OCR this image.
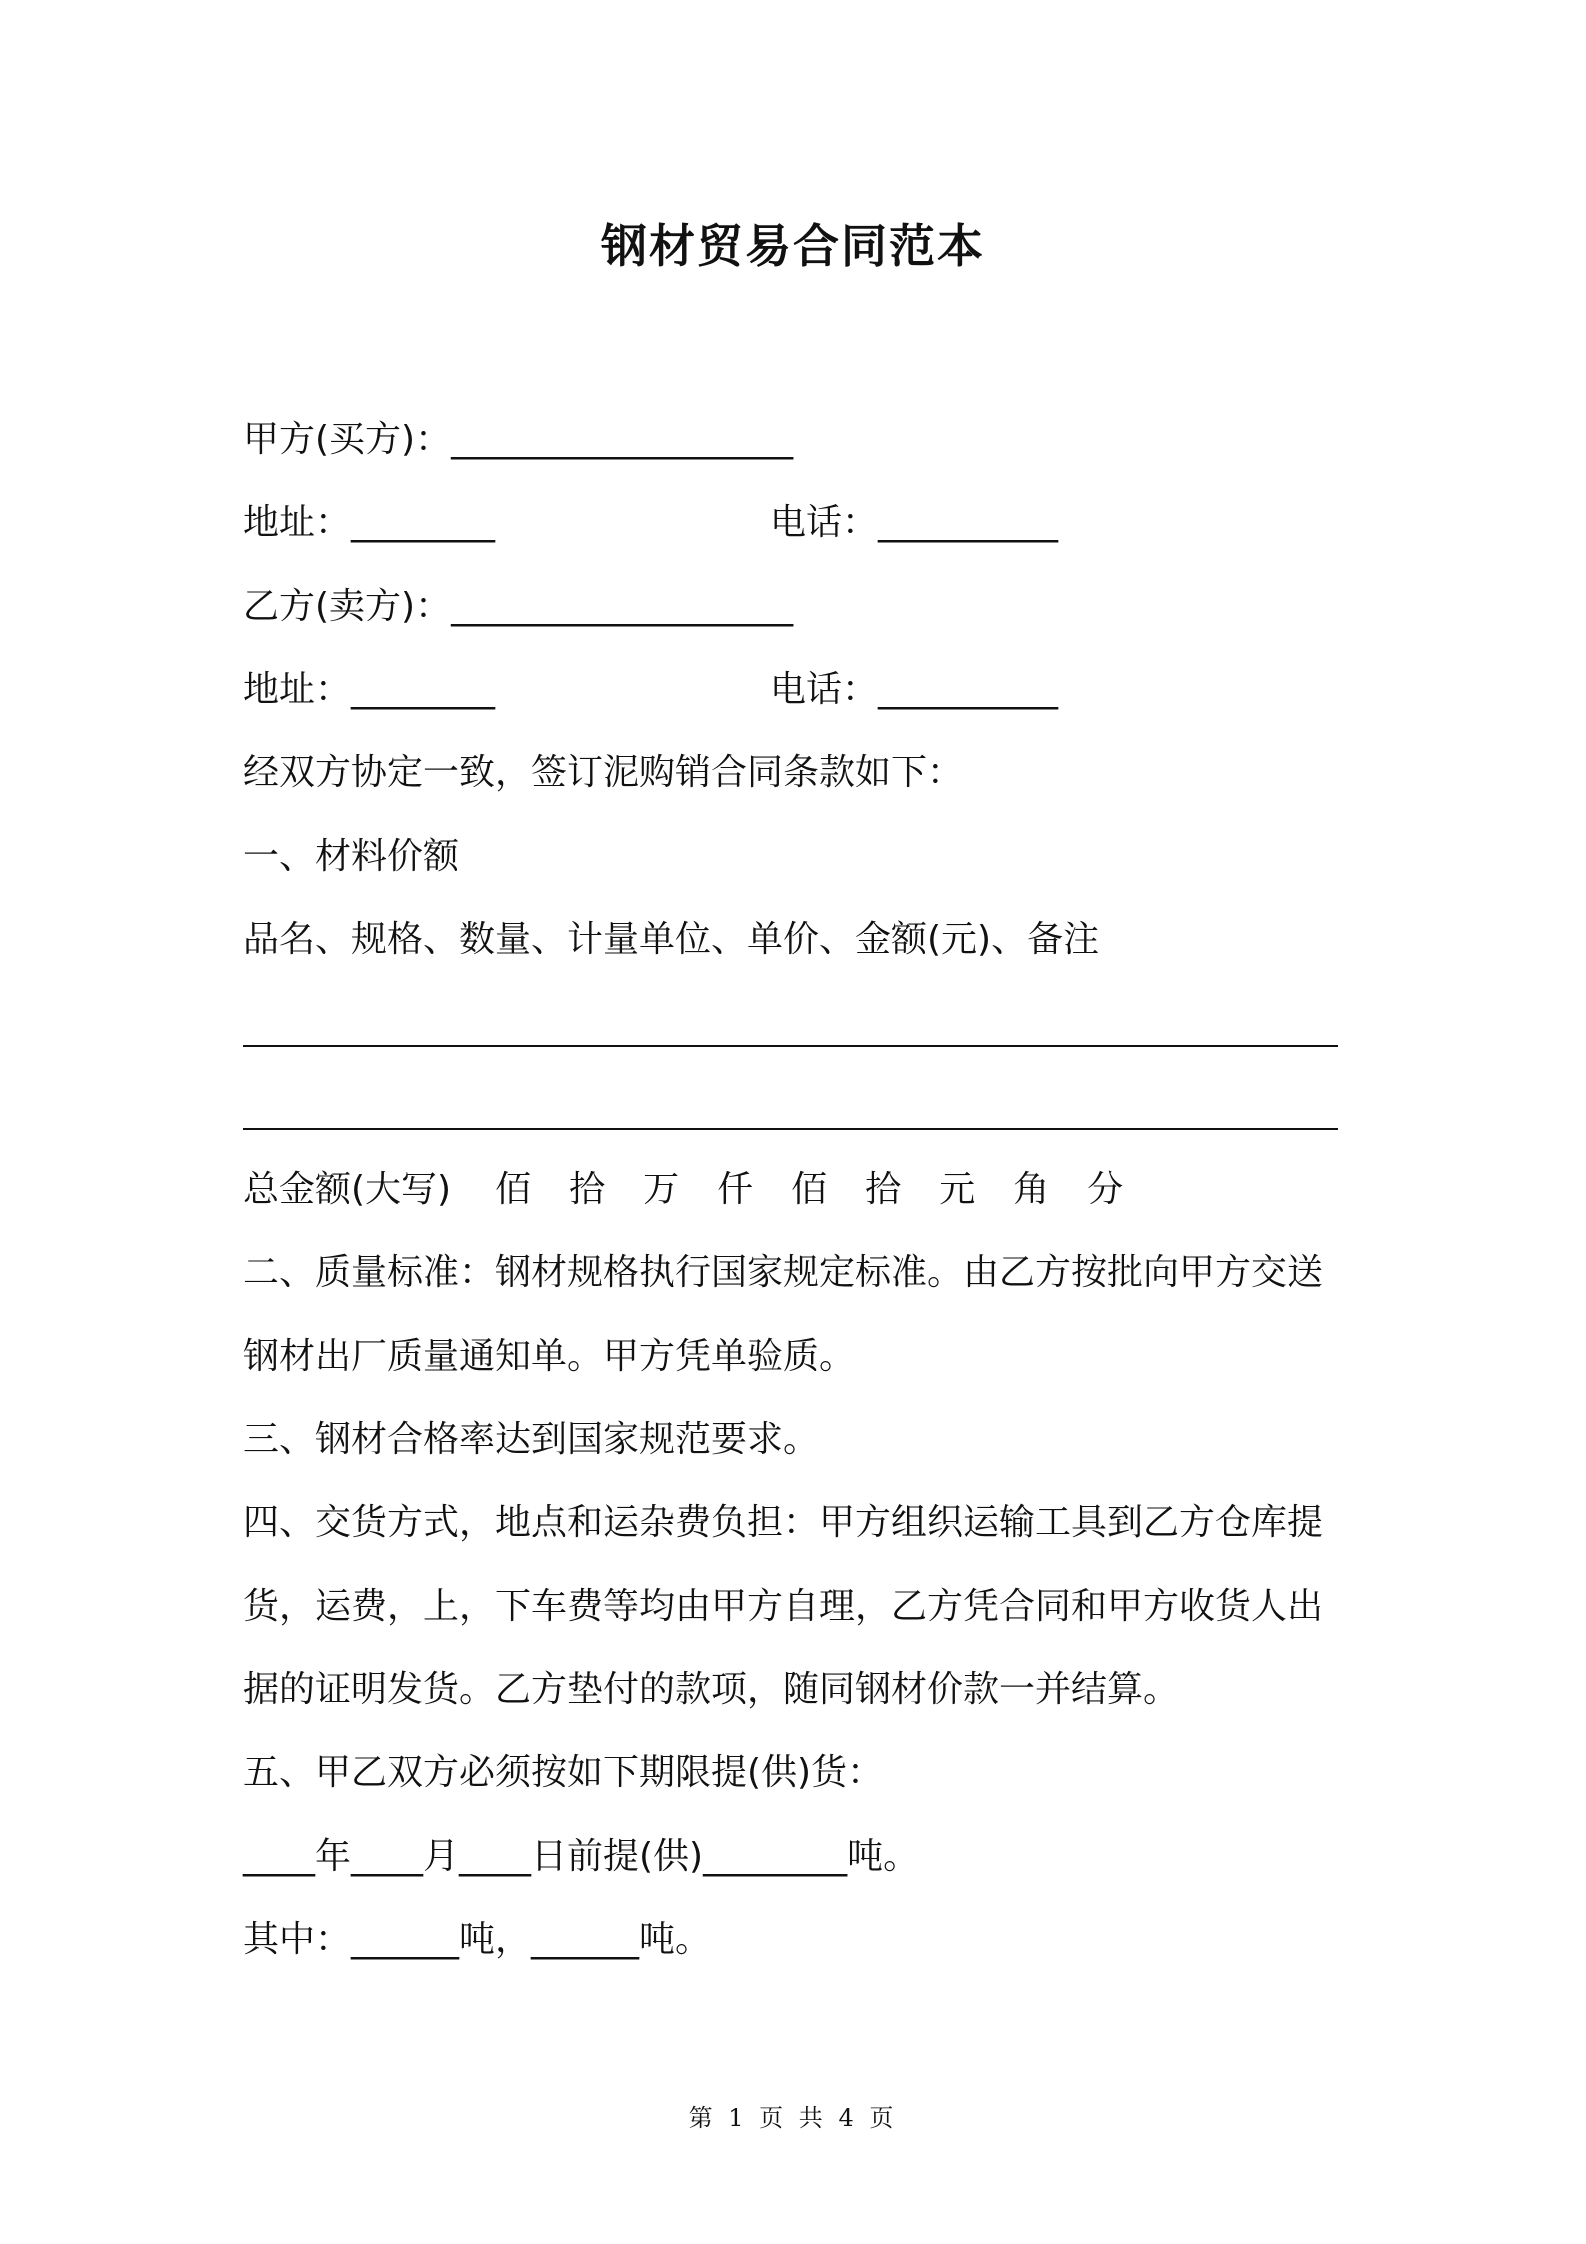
钢材贸易合同范本
甲方(买方)：___________________
地址：________	电话：__________
乙方(卖方)：___________________
地址：________	电话：__________
经双方协定一致，签订泥购销合同条款如下：
一、材料价额
品名、规格、数量、计量单位、单价、金额(元)、备注
总金额(大写) 佰 拾 万 仟 佰 拾 元 角 分
二、质量标准：钢材规格执行国家规定标准。由乙方按批向甲方交送
钢材出厂质量通知单。甲方凭单验质。
三、钢材合格率达到国家规范要求。
四、交货方式，地点和运杂费负担：甲方组织运输工具到乙方仓库提
货，运费，上，下车费等均由甲方自理，乙方凭合同和甲方收货人出
据的证明发货。乙方垫付的款项，随同钢材价款一并结算。
五、甲乙双方必须按如下期限提(供)货：
____年____月____日前提(供)________吨。
其中：______吨，______吨。
第 1 页 共 4 页
